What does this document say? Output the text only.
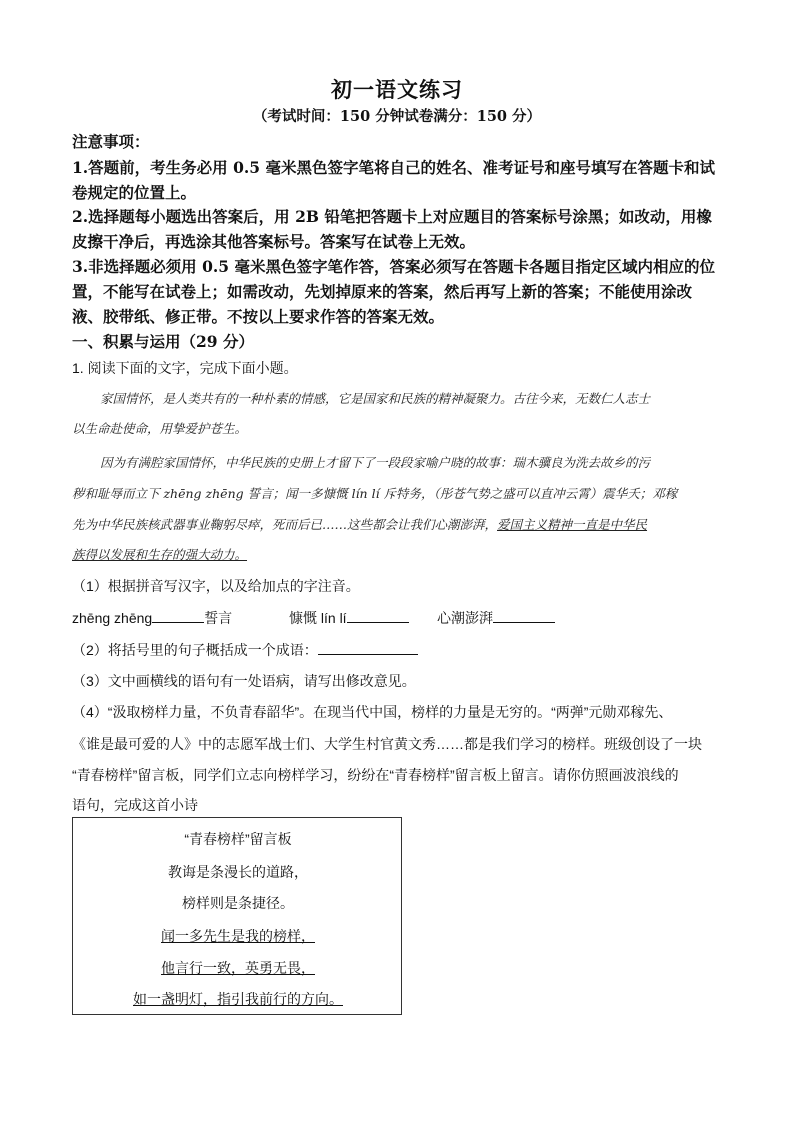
初一语文练习
（考试时间：150 分钟试卷满分：150 分）
注意事项：
1.答题前，考生务必用 0.5 毫米黑色签字笔将自己的姓名、准考证号和座号填写在答题卡和试
卷规定的位置上。
2.选择题每小题选出答案后，用 2B 铅笔把答题卡上对应题目的答案标号涂黑；如改动，用橡
皮擦干净后，再选涂其他答案标号。答案写在试卷上无效。
3.非选择题必须用 0.5 毫米黑色签字笔作答，答案必须写在答题卡各题目指定区域内相应的位
置，不能写在试卷上；如需改动，先划掉原来的答案，然后再写上新的答案；不能使用涂改
液、胶带纸、修正带。不按以上要求作答的答案无效。
一、积累与运用（29 分）
1. 阅读下面的文字，完成下面小题。
家国情怀，是人类共有的一种朴素的情感，它是国家和民族的精神凝聚力。古往今来，无数仁人志士
以生命赴使命，用挚爱护苍生。
因为有满腔家国情怀，中华民族的史册上才留下了一段段家喻户晓的故事：瑞木骥良为洗去故乡的污
秽和耻辱而立下 zhēng zhēng 誓言；闻一多慷慨 lín lí 斥特务，（彤苍气势之盛可以直冲云霄）震华夭；邓稼
先为中华民族核武器事业鞠躬尽瘁，死而后已……这些都会让我们心潮澎湃，爱国主义精神一直是中华民
族得以发展和生存的强大动力。
（1）根据拼音写汉字，以及给加点的字注音。
zhēng zhēng	誓言	慷慨 lín lí	心潮澎湃
（2）将括号里的句子概括成一个成语：
（3）文中画横线的语句有一处语病，请写出修改意见。
（4）“汲取榜样力量，不负青春韶华”。在现当代中国，榜样的力量是无穷的。“两弹”元勋邓稼先、
《谁是最可爱的人》中的志愿军战士们、大学生村官黄文秀……都是我们学习的榜样。班级创设了一块
“青春榜样”留言板，同学们立志向榜样学习，纷纷在“青春榜样”留言板上留言。请你仿照画波浪线的
语句，完成这首小诗
“青春榜样”留言板
教诲是条漫长的道路，
榜样则是条捷径。
闻一多先生是我的榜样，
他言行一致，英勇无畏，
如一盏明灯，指引我前行的方向。
